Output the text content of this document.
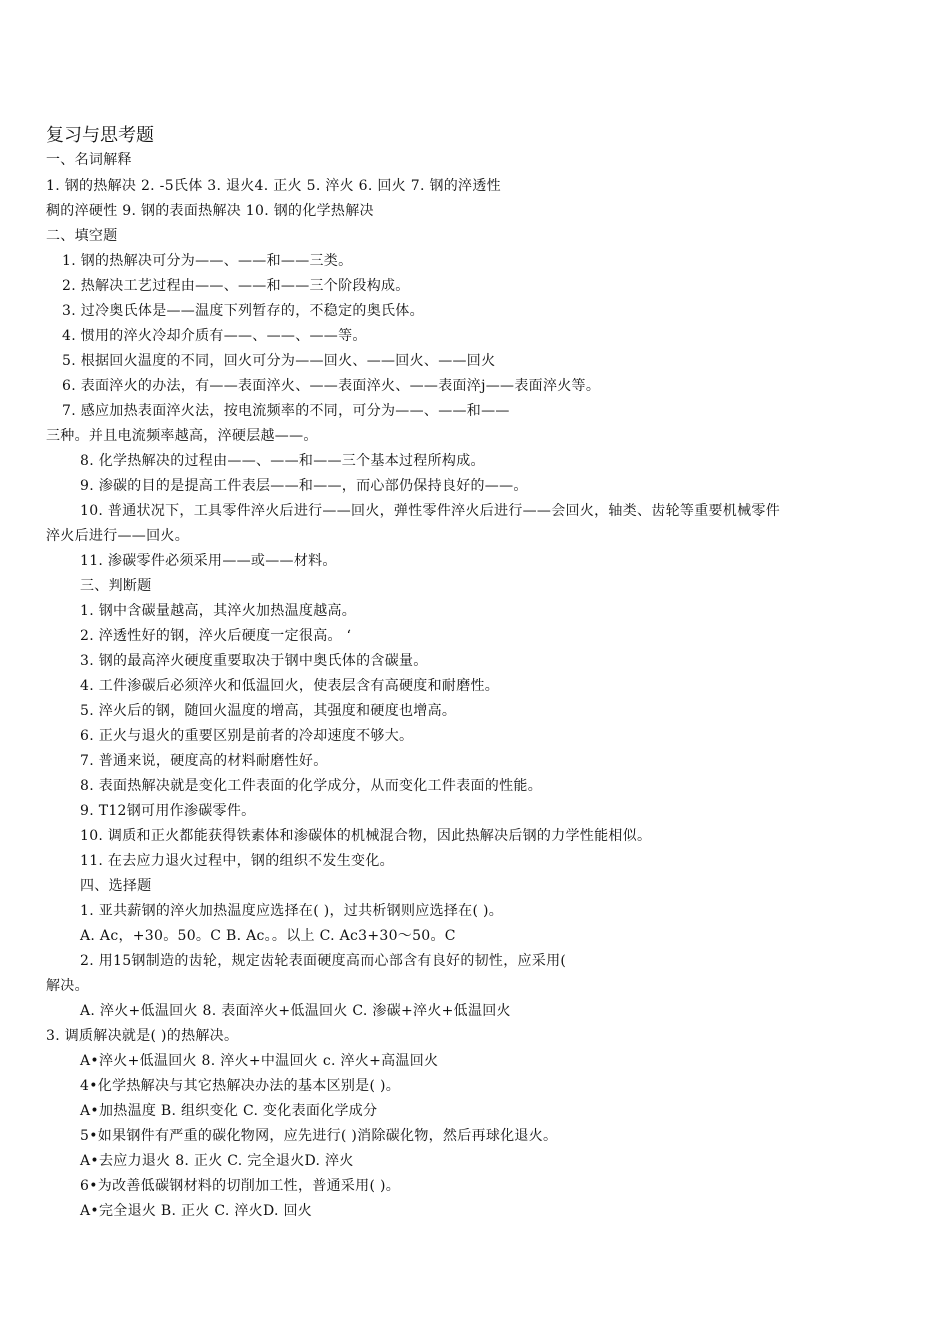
复习与思考题
一、名词解释
1. 钢的热解决 2. -5氏体 3. 退火4. 正火 5. 淬火 6. 回火 7. 钢的淬透性
稠的淬硬性 9. 钢的表面热解决 10. 钢的化学热解决
二、填空题
1. 钢的热解决可分为——、——和——三类。
2. 热解决工艺过程由——、——和——三个阶段构成。
3. 过冷奥氏体是——温度下列暂存的，不稳定的奥氏体。
4. 惯用的淬火冷却介质有——、——、——等。
5. 根据回火温度的不同，回火可分为——回火、——回火、——回火
6. 表面淬火的办法，有——表面淬火、——表面淬火、——表面淬j——表面淬火等。
7. 感应加热表面淬火法，按电流频率的不同，可分为——、——和——
三种。并且电流频率越高，淬硬层越——。
8. 化学热解决的过程由——、——和——三个基本过程所构成。
9. 渗碳的目的是提高工件表层——和——，而心部仍保持良好的——。
10. 普通状况下，工具零件淬火后进行——回火，弹性零件淬火后进行——会回火，轴类、齿轮等重要机械零件
淬火后进行——回火。
11. 渗碳零件必须采用——或——材料。
三、判断题
1. 钢中含碳量越高，其淬火加热温度越高。
2. 淬透性好的钢，淬火后硬度一定很高。 ‘
3. 钢的最高淬火硬度重要取决于钢中奥氏体的含碳量。
4. 工件渗碳后必须淬火和低温回火，使表层含有高硬度和耐磨性。
5. 淬火后的钢，随回火温度的增高，其强度和硬度也增高。
6. 正火与退火的重要区别是前者的冷却速度不够大。
7. 普通来说，硬度高的材料耐磨性好。
8. 表面热解决就是变化工件表面的化学成分，从而变化工件表面的性能。
9. T12钢可用作渗碳零件。
10. 调质和正火都能获得铁素体和渗碳体的机械混合物，因此热解决后钢的力学性能相似。
11. 在去应力退火过程中，钢的组织不发生变化。
四、选择题
1. 亚共薪钢的淬火加热温度应选择在( )，过共析钢则应选择在( )。
A. Ac，+30。50。C B. Ac。。以上 C. Ac3+30～50。C
2. 用15钢制造的齿轮，规定齿轮表面硬度高而心部含有良好的韧性，应采用(
解决。
A. 淬火+低温回火 8. 表面淬火+低温回火 C. 渗碳+淬火+低温回火
3. 调质解决就是( )的热解决。
A•淬火+低温回火 8. 淬火+中温回火 c. 淬火+高温回火
4•化学热解决与其它热解决办法的基本区别是( )。
A•加热温度 B. 组织变化 C. 变化表面化学成分
5•如果钢件有严重的碳化物网，应先进行( )消除碳化物，然后再球化退火。
A•去应力退火 8. 正火 C. 完全退火D. 淬火
6•为改善低碳钢材料的切削加工性，普通采用( )。
A•完全退火 B. 正火 C. 淬火D. 回火
